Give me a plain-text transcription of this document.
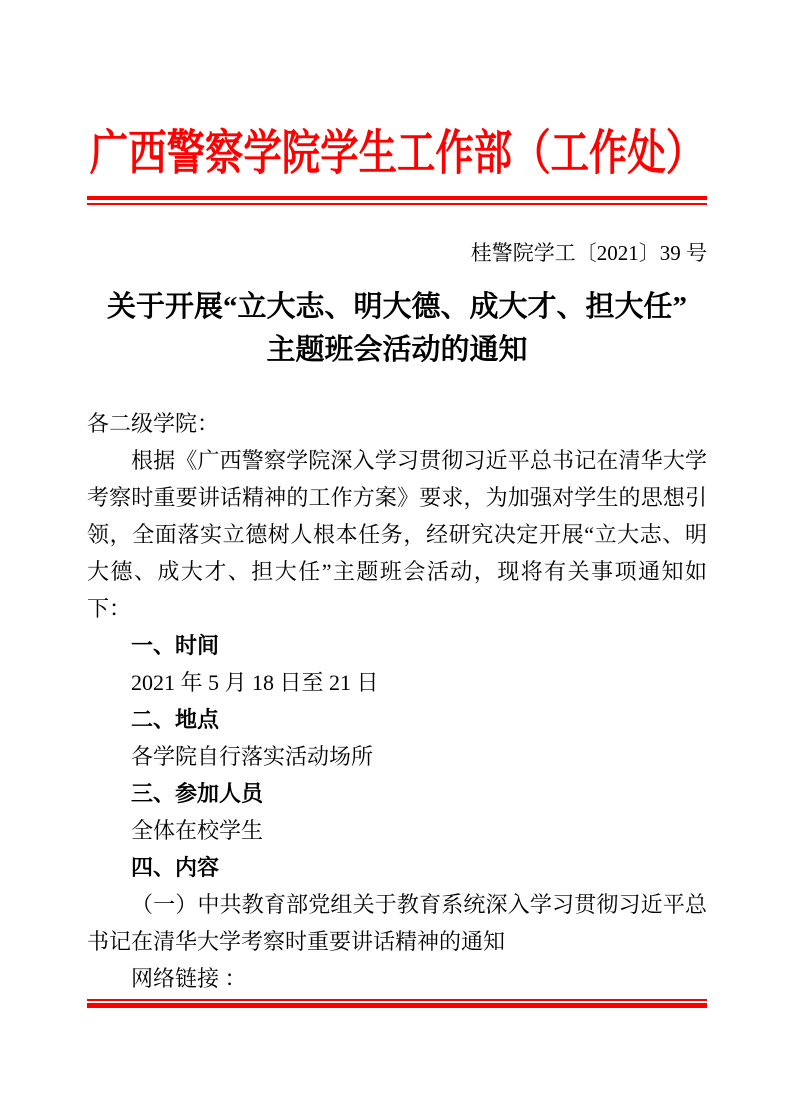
广西警察学院学生工作部（工作处）
桂警院学工〔2021〕39 号
关于开展“立大志、明大德、成大才、担大任”
主题班会活动的通知

各二级学院：

根据《广西警察学院深入学习贯彻习近平总书记在清华大学考察时重要讲话精神的工作方案》要求，为加强对学生的思想引领，全面落实立德树人根本任务，经研究决定开展“立大志、明大德、成大才、担大任”主题班会活动，现将有关事项通知如下：

一、时间

2021 年 5 月 18 日至 21 日

二、地点

各学院自行落实活动场所

三、参加人员

全体在校学生

四、内容

（一）中共教育部党组关于教育系统深入学习贯彻习近平总书记在清华大学考察时重要讲话精神的通知

网络链接 ：
